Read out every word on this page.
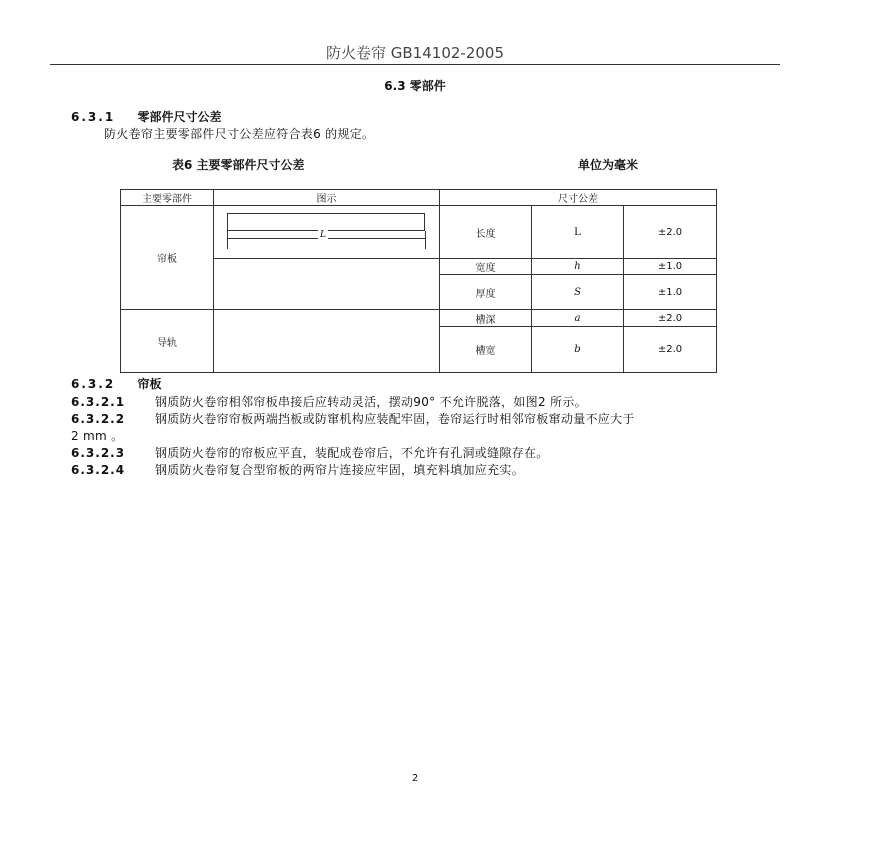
防火卷帘 GB14102-2005
6.3 零部件
6.3.1 零部件尺寸公差
防火卷帘主要零部件尺寸公差应符合表6 的规定。
表6 主要零部件尺寸公差	单位为毫米
主要零部件	图示	尺寸公差		
帘板	L	长度	L	±2.0
		宽度	h	±1.0
		厚度	S	±1.0
导轨		槽深	a	±2.0
		槽宽	b	±2.0
6.3.2 帘板
6.3.2.1 钢质防火卷帘相邻帘板串接后应转动灵活，摆动90° 不允许脱落，如图2 所示。
6.3.2.2 钢质防火卷帘帘板两端挡板或防窜机构应装配牢固，卷帘运行时相邻帘板窜动量不应大于
2 mm 。
6.3.2.3 钢质防火卷帘的帘板应平直，装配成卷帘后，不允许有孔洞或缝隙存在。
6.3.2.4 钢质防火卷帘复合型帘板的两帘片连接应牢固，填充料填加应充实。
2
